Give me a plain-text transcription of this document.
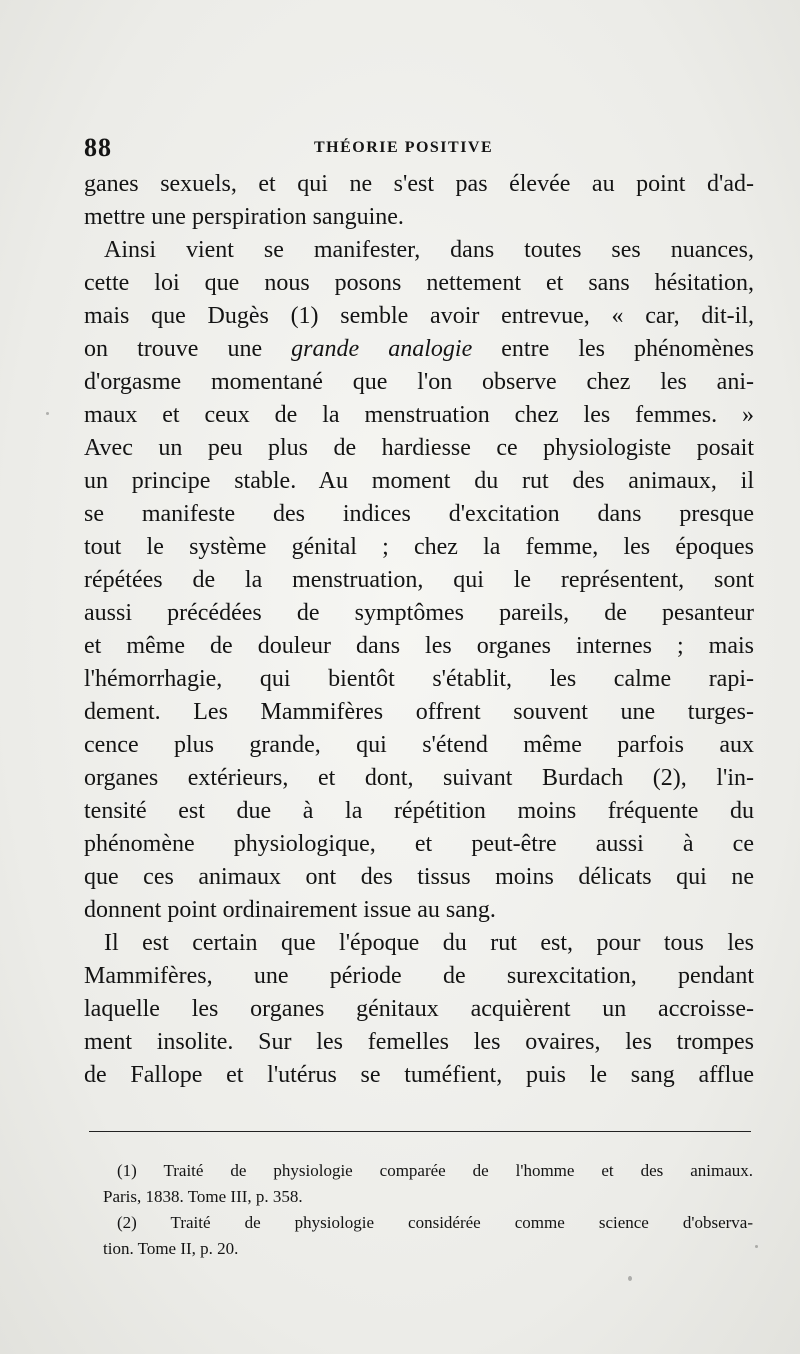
88	THÉORIE POSITIVE
ganes sexuels, et qui ne s'est pas élevée au point d'ad-
mettre une perspiration sanguine.
Ainsi vient se manifester, dans toutes ses nuances,
cette loi que nous posons nettement et sans hésitation,
mais que Dugès (1) semble avoir entrevue, « car, dit-il,
on trouve une grande analogie entre les phénomènes
d'orgasme momentané que l'on observe chez les ani-
maux et ceux de la menstruation chez les femmes. »
Avec un peu plus de hardiesse ce physiologiste posait
un principe stable. Au moment du rut des animaux, il
se manifeste des indices d'excitation dans presque
tout le système génital ; chez la femme, les époques
répétées de la menstruation, qui le représentent, sont
aussi précédées de symptômes pareils, de pesanteur
et même de douleur dans les organes internes ; mais
l'hémorrhagie, qui bientôt s'établit, les calme rapi-
dement. Les Mammifères offrent souvent une turges-
cence plus grande, qui s'étend même parfois aux
organes extérieurs, et dont, suivant Burdach (2), l'in-
tensité est due à la répétition moins fréquente du
phénomène physiologique, et peut-être aussi à ce
que ces animaux ont des tissus moins délicats qui ne
donnent point ordinairement issue au sang.
Il est certain que l'époque du rut est, pour tous les
Mammifères, une période de surexcitation, pendant
laquelle les organes génitaux acquièrent un accroisse-
ment insolite. Sur les femelles les ovaires, les trompes
de Fallope et l'utérus se tuméfient, puis le sang afflue
(1) Traité de physiologie comparée de l'homme et des animaux.
Paris, 1838. Tome III, p. 358.
(2) Traité de physiologie considérée comme science d'observa-
tion. Tome II, p. 20.
